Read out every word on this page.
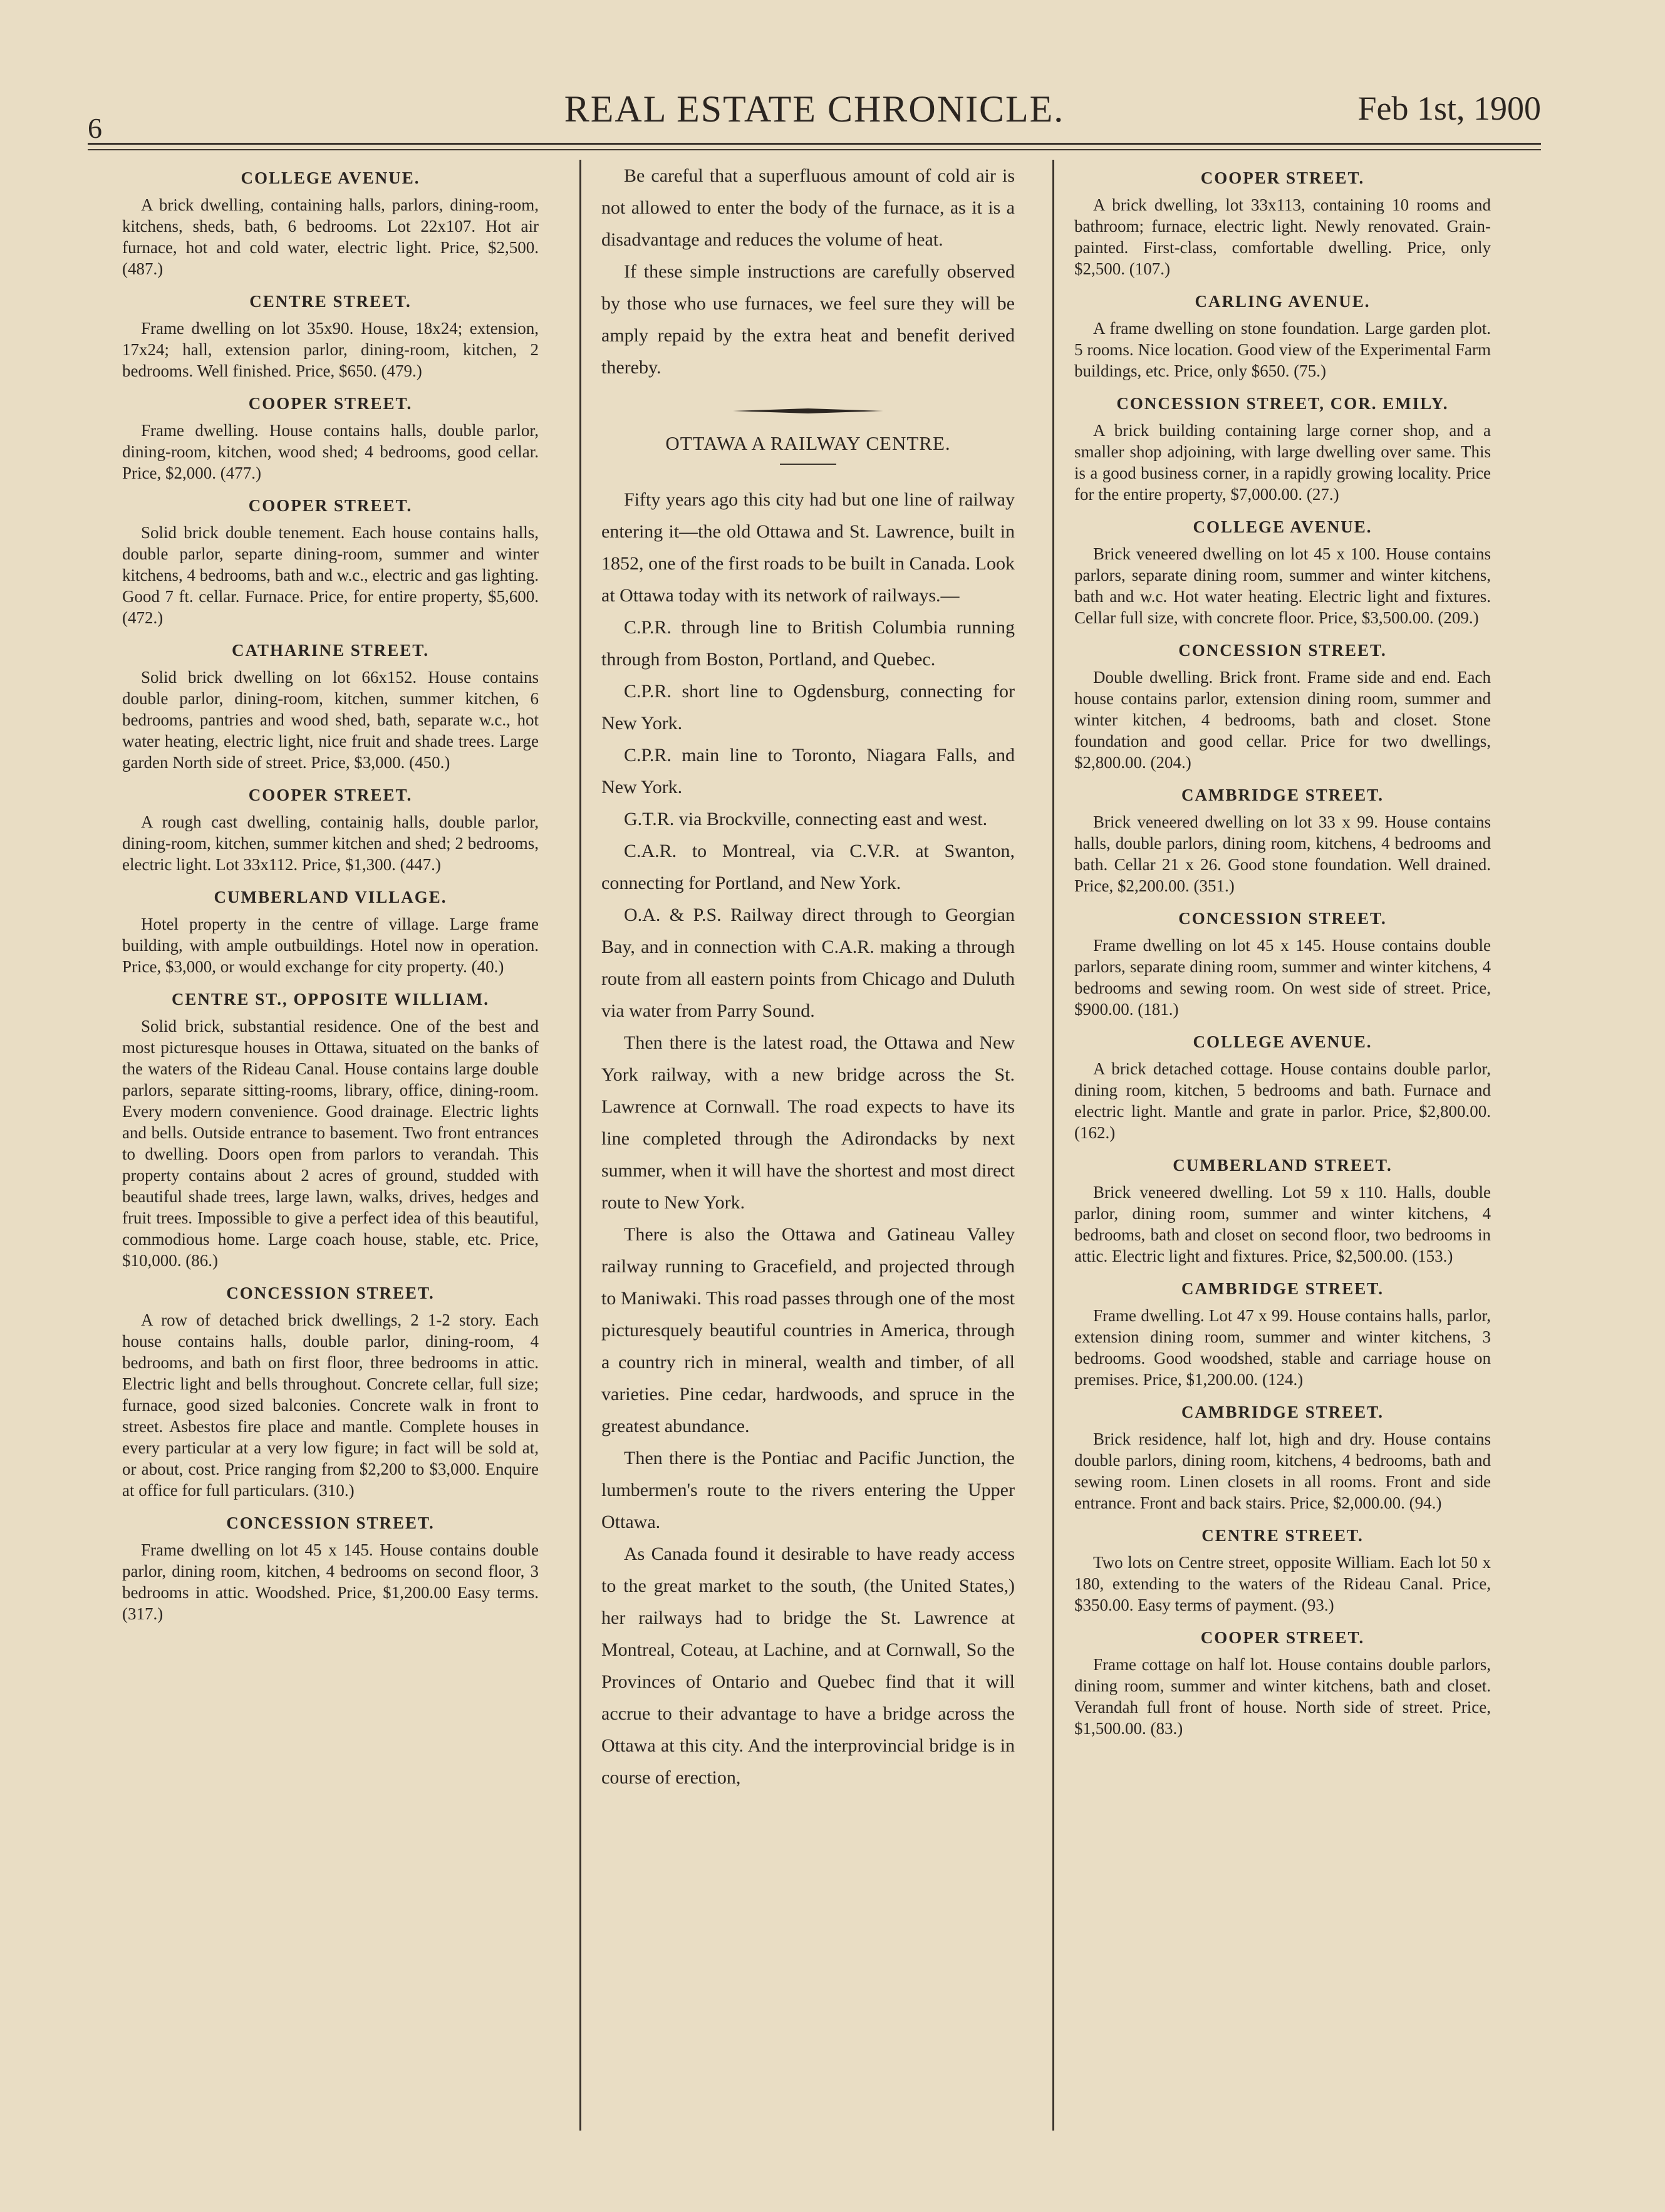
6	REAL ESTATE CHRONICLE.	Feb 1st, 1900
COLLEGE AVENUE.

A brick dwelling, containing halls, parlors, dining-room, kitchens, sheds, bath, 6 bedrooms. Lot 22x107. Hot air furnace, hot and cold water, electric light. Price, $2,500. (487.)

CENTRE STREET.

Frame dwelling on lot 35x90. House, 18x24; extension, 17x24; hall, extension parlor, dining-room, kitchen, 2 bedrooms. Well finished. Price, $650. (479.)

COOPER STREET.

Frame dwelling. House contains halls, double parlor, dining-room, kitchen, wood shed; 4 bedrooms, good cellar. Price, $2,000. (477.)

COOPER STREET.

Solid brick double tenement. Each house contains halls, double parlor, separte dining-room, summer and winter kitchens, 4 bedrooms, bath and w.c., electric and gas lighting. Good 7 ft. cellar. Furnace. Price, for entire property, $5,600. (472.)

CATHARINE STREET.

Solid brick dwelling on lot 66x152. House contains double parlor, dining-room, kitchen, summer kitchen, 6 bedrooms, pantries and wood shed, bath, separate w.c., hot water heating, electric light, nice fruit and shade trees. Large garden North side of street. Price, $3,000. (450.)

COOPER STREET.

A rough cast dwelling, containig halls, double parlor, dining-room, kitchen, summer kitchen and shed; 2 bedrooms, electric light. Lot 33x112. Price, $1,300. (447.)

CUMBERLAND VILLAGE.

Hotel property in the centre of village. Large frame building, with ample outbuildings. Hotel now in operation. Price, $3,000, or would exchange for city property. (40.)

CENTRE ST., OPPOSITE WILLIAM.

Solid brick, substantial residence. One of the best and most picturesque houses in Ottawa, situated on the banks of the waters of the Rideau Canal. House contains large double parlors, separate sitting-rooms, library, office, dining-room. Every modern convenience. Good drainage. Electric lights and bells. Outside entrance to basement. Two front entrances to dwelling. Doors open from parlors to verandah. This property contains about 2 acres of ground, studded with beautiful shade trees, large lawn, walks, drives, hedges and fruit trees. Impossible to give a perfect idea of this beautiful, commodious home. Large coach house, stable, etc. Price, $10,000. (86.)

CONCESSION STREET.

A row of detached brick dwellings, 2 1-2 story. Each house contains halls, double parlor, dining-room, 4 bedrooms, and bath on first floor, three bedrooms in attic. Electric light and bells throughout. Concrete cellar, full size; furnace, good sized balconies. Concrete walk in front to street. Asbestos fire place and mantle. Complete houses in every particular at a very low figure; in fact will be sold at, or about, cost. Price ranging from $2,200 to $3,000. Enquire at office for full particulars. (310.)

CONCESSION STREET.

Frame dwelling on lot 45 x 145. House contains double parlor, dining room, kitchen, 4 bedrooms on second floor, 3 bedrooms in attic. Woodshed. Price, $1,200.00 Easy terms. (317.)

Be careful that a superfluous amount of cold air is not allowed to enter the body of the furnace, as it is a disadvantage and reduces the volume of heat.

If these simple instructions are carefully observed by those who use furnaces, we feel sure they will be amply repaid by the extra heat and benefit derived thereby.

OTTAWA A RAILWAY CENTRE.

Fifty years ago this city had but one line of railway entering it—the old Ottawa and St. Lawrence, built in 1852, one of the first roads to be built in Canada. Look at Ottawa today with its network of railways.—

C.P.R. through line to British Columbia running through from Boston, Portland, and Quebec.

C.P.R. short line to Ogdensburg, connecting for New York.

C.P.R. main line to Toronto, Niagara Falls, and New York.

G.T.R. via Brockville, connecting east and west.

C.A.R. to Montreal, via C.V.R. at Swanton, connecting for Portland, and New York.

O.A. & P.S. Railway direct through to Georgian Bay, and in connection with C.A.R. making a through route from all eastern points from Chicago and Duluth via water from Parry Sound.

Then there is the latest road, the Ottawa and New York railway, with a new bridge across the St. Lawrence at Cornwall. The road expects to have its line completed through the Adirondacks by next summer, when it will have the shortest and most direct route to New York.

There is also the Ottawa and Gatineau Valley railway running to Gracefield, and projected through to Maniwaki. This road passes through one of the most picturesquely beautiful countries in America, through a country rich in mineral, wealth and timber, of all varieties. Pine cedar, hardwoods, and spruce in the greatest abundance.

Then there is the Pontiac and Pacific Junction, the lumbermen's route to the rivers entering the Upper Ottawa.

As Canada found it desirable to have ready access to the great market to the south, (the United States,) her railways had to bridge the St. Lawrence at Montreal, Coteau, at Lachine, and at Cornwall, So the Provinces of Ontario and Quebec find that it will accrue to their advantage to have a bridge across the Ottawa at this city. And the interprovincial bridge is in course of erection,

COOPER STREET.

A brick dwelling, lot 33x113, containing 10 rooms and bathroom; furnace, electric light. Newly renovated. Grain-painted. First-class, comfortable dwelling. Price, only $2,500. (107.)

CARLING AVENUE.

A frame dwelling on stone foundation. Large garden plot. 5 rooms. Nice location. Good view of the Experimental Farm buildings, etc. Price, only $650. (75.)

CONCESSION STREET, COR. EMILY.

A brick building containing large corner shop, and a smaller shop adjoining, with large dwelling over same. This is a good business corner, in a rapidly growing locality. Price for the entire property, $7,000.00. (27.)

COLLEGE AVENUE.

Brick veneered dwelling on lot 45 x 100. House contains parlors, separate dining room, summer and winter kitchens, bath and w.c. Hot water heating. Electric light and fixtures. Cellar full size, with concrete floor. Price, $3,500.00. (209.)

CONCESSION STREET.

Double dwelling. Brick front. Frame side and end. Each house contains parlor, extension dining room, summer and winter kitchen, 4 bedrooms, bath and closet. Stone foundation and good cellar. Price for two dwellings, $2,800.00. (204.)

CAMBRIDGE STREET.

Brick veneered dwelling on lot 33 x 99. House contains halls, double parlors, dining room, kitchens, 4 bedrooms and bath. Cellar 21 x 26. Good stone foundation. Well drained. Price, $2,200.00. (351.)

CONCESSION STREET.

Frame dwelling on lot 45 x 145. House contains double parlors, separate dining room, summer and winter kitchens, 4 bedrooms and sewing room. On west side of street. Price, $900.00. (181.)

COLLEGE AVENUE.

A brick detached cottage. House contains double parlor, dining room, kitchen, 5 bedrooms and bath. Furnace and electric light. Mantle and grate in parlor. Price, $2,800.00. (162.)

CUMBERLAND STREET.

Brick veneered dwelling. Lot 59 x 110. Halls, double parlor, dining room, summer and winter kitchens, 4 bedrooms, bath and closet on second floor, two bedrooms in attic. Electric light and fixtures. Price, $2,500.00. (153.)

CAMBRIDGE STREET.

Frame dwelling. Lot 47 x 99. House contains halls, parlor, extension dining room, summer and winter kitchens, 3 bedrooms. Good woodshed, stable and carriage house on premises. Price, $1,200.00. (124.)

CAMBRIDGE STREET.

Brick residence, half lot, high and dry. House contains double parlors, dining room, kitchens, 4 bedrooms, bath and sewing room. Linen closets in all rooms. Front and side entrance. Front and back stairs. Price, $2,000.00. (94.)

CENTRE STREET.

Two lots on Centre street, opposite William. Each lot 50 x 180, extending to the waters of the Rideau Canal. Price, $350.00. Easy terms of payment. (93.)

COOPER STREET.

Frame cottage on half lot. House contains double parlors, dining room, summer and winter kitchens, bath and closet. Verandah full front of house. North side of street. Price, $1,500.00. (83.)
